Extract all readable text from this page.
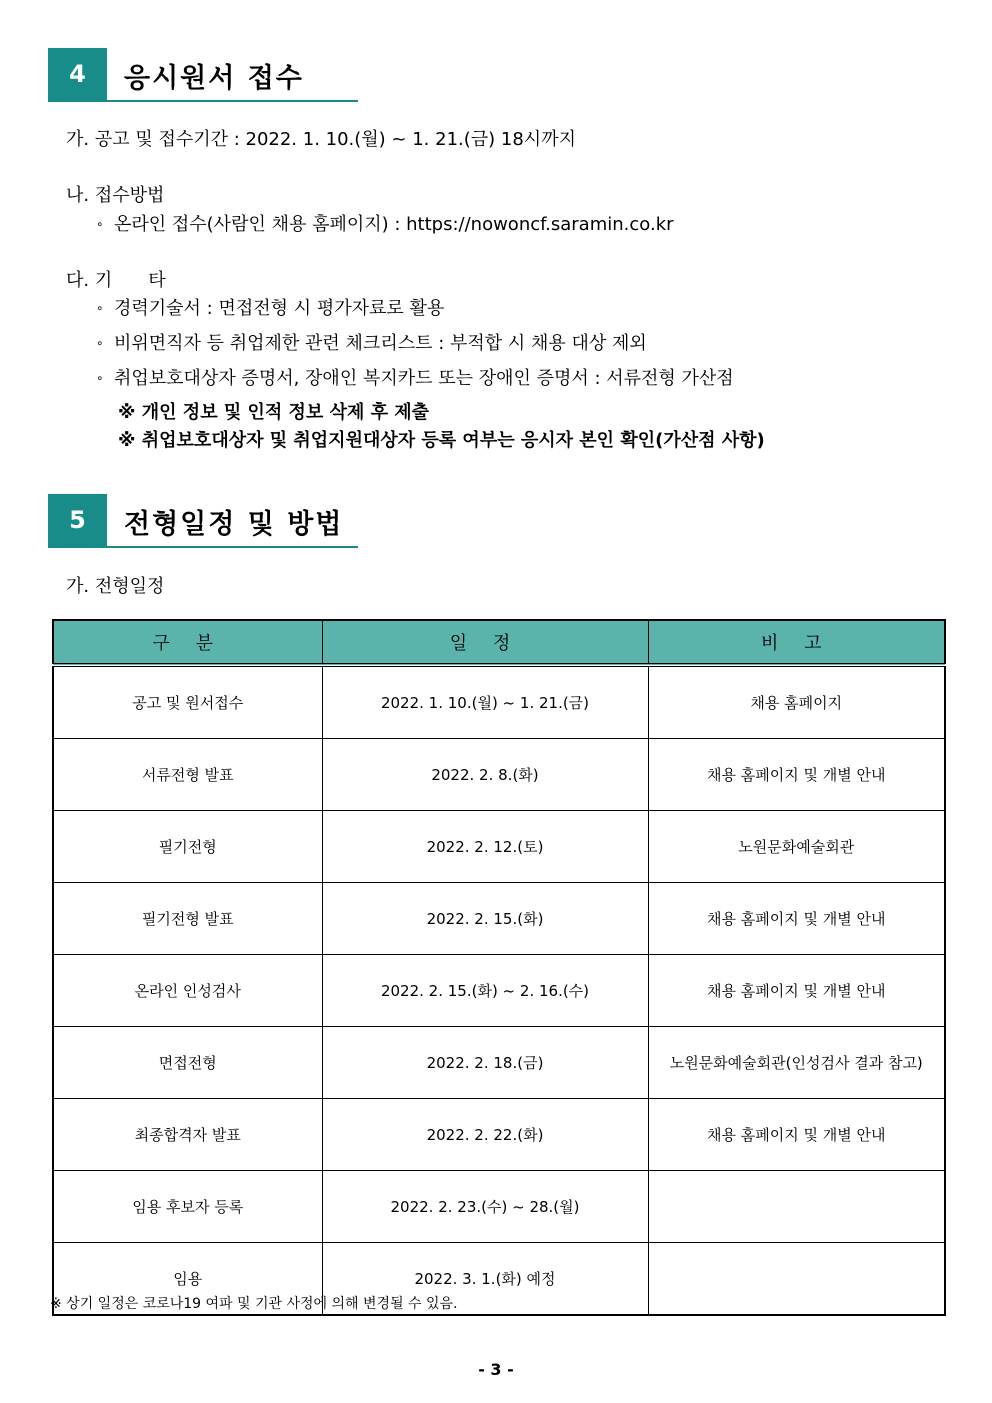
4	응시원서 접수
가. 공고 및 접수기간 : 2022. 1. 10.(월) ~ 1. 21.(금) 18시까지
나. 접수방법
∘ 온라인 접수(사람인 채용 홈페이지) : https://nowoncf.saramin.co.kr
다. 기　　타
∘ 경력기술서 : 면접전형 시 평가자료로 활용
∘ 비위면직자 등 취업제한 관련 체크리스트 : 부적합 시 채용 대상 제외
∘ 취업보호대상자 증명서, 장애인 복지카드 또는 장애인 증명서 : 서류전형 가산점
※ 개인 정보 및 인적 정보 삭제 후 제출
※ 취업보호대상자 및 취업지원대상자 등록 여부는 응시자 본인 확인(가산점 사항)
5	전형일정 및 방법
가. 전형일정
구 분	일 정	비 고
공고 및 원서접수	2022. 1. 10.(월) ~ 1. 21.(금)	채용 홈페이지
서류전형 발표	2022. 2. 8.(화)	채용 홈페이지 및 개별 안내
필기전형	2022. 2. 12.(토)	노원문화예술회관
필기전형 발표	2022. 2. 15.(화)	채용 홈페이지 및 개별 안내
온라인 인성검사	2022. 2. 15.(화) ~ 2. 16.(수)	채용 홈페이지 및 개별 안내
면접전형	2022. 2. 18.(금)	노원문화예술회관(인성검사 결과 참고)
최종합격자 발표	2022. 2. 22.(화)	채용 홈페이지 및 개별 안내
임용 후보자 등록	2022. 2. 23.(수) ~ 28.(월)	
임용	2022. 3. 1.(화) 예정	
※ 상기 일정은 코로나19 여파 및 기관 사정에 의해 변경될 수 있음.
- 3 -
